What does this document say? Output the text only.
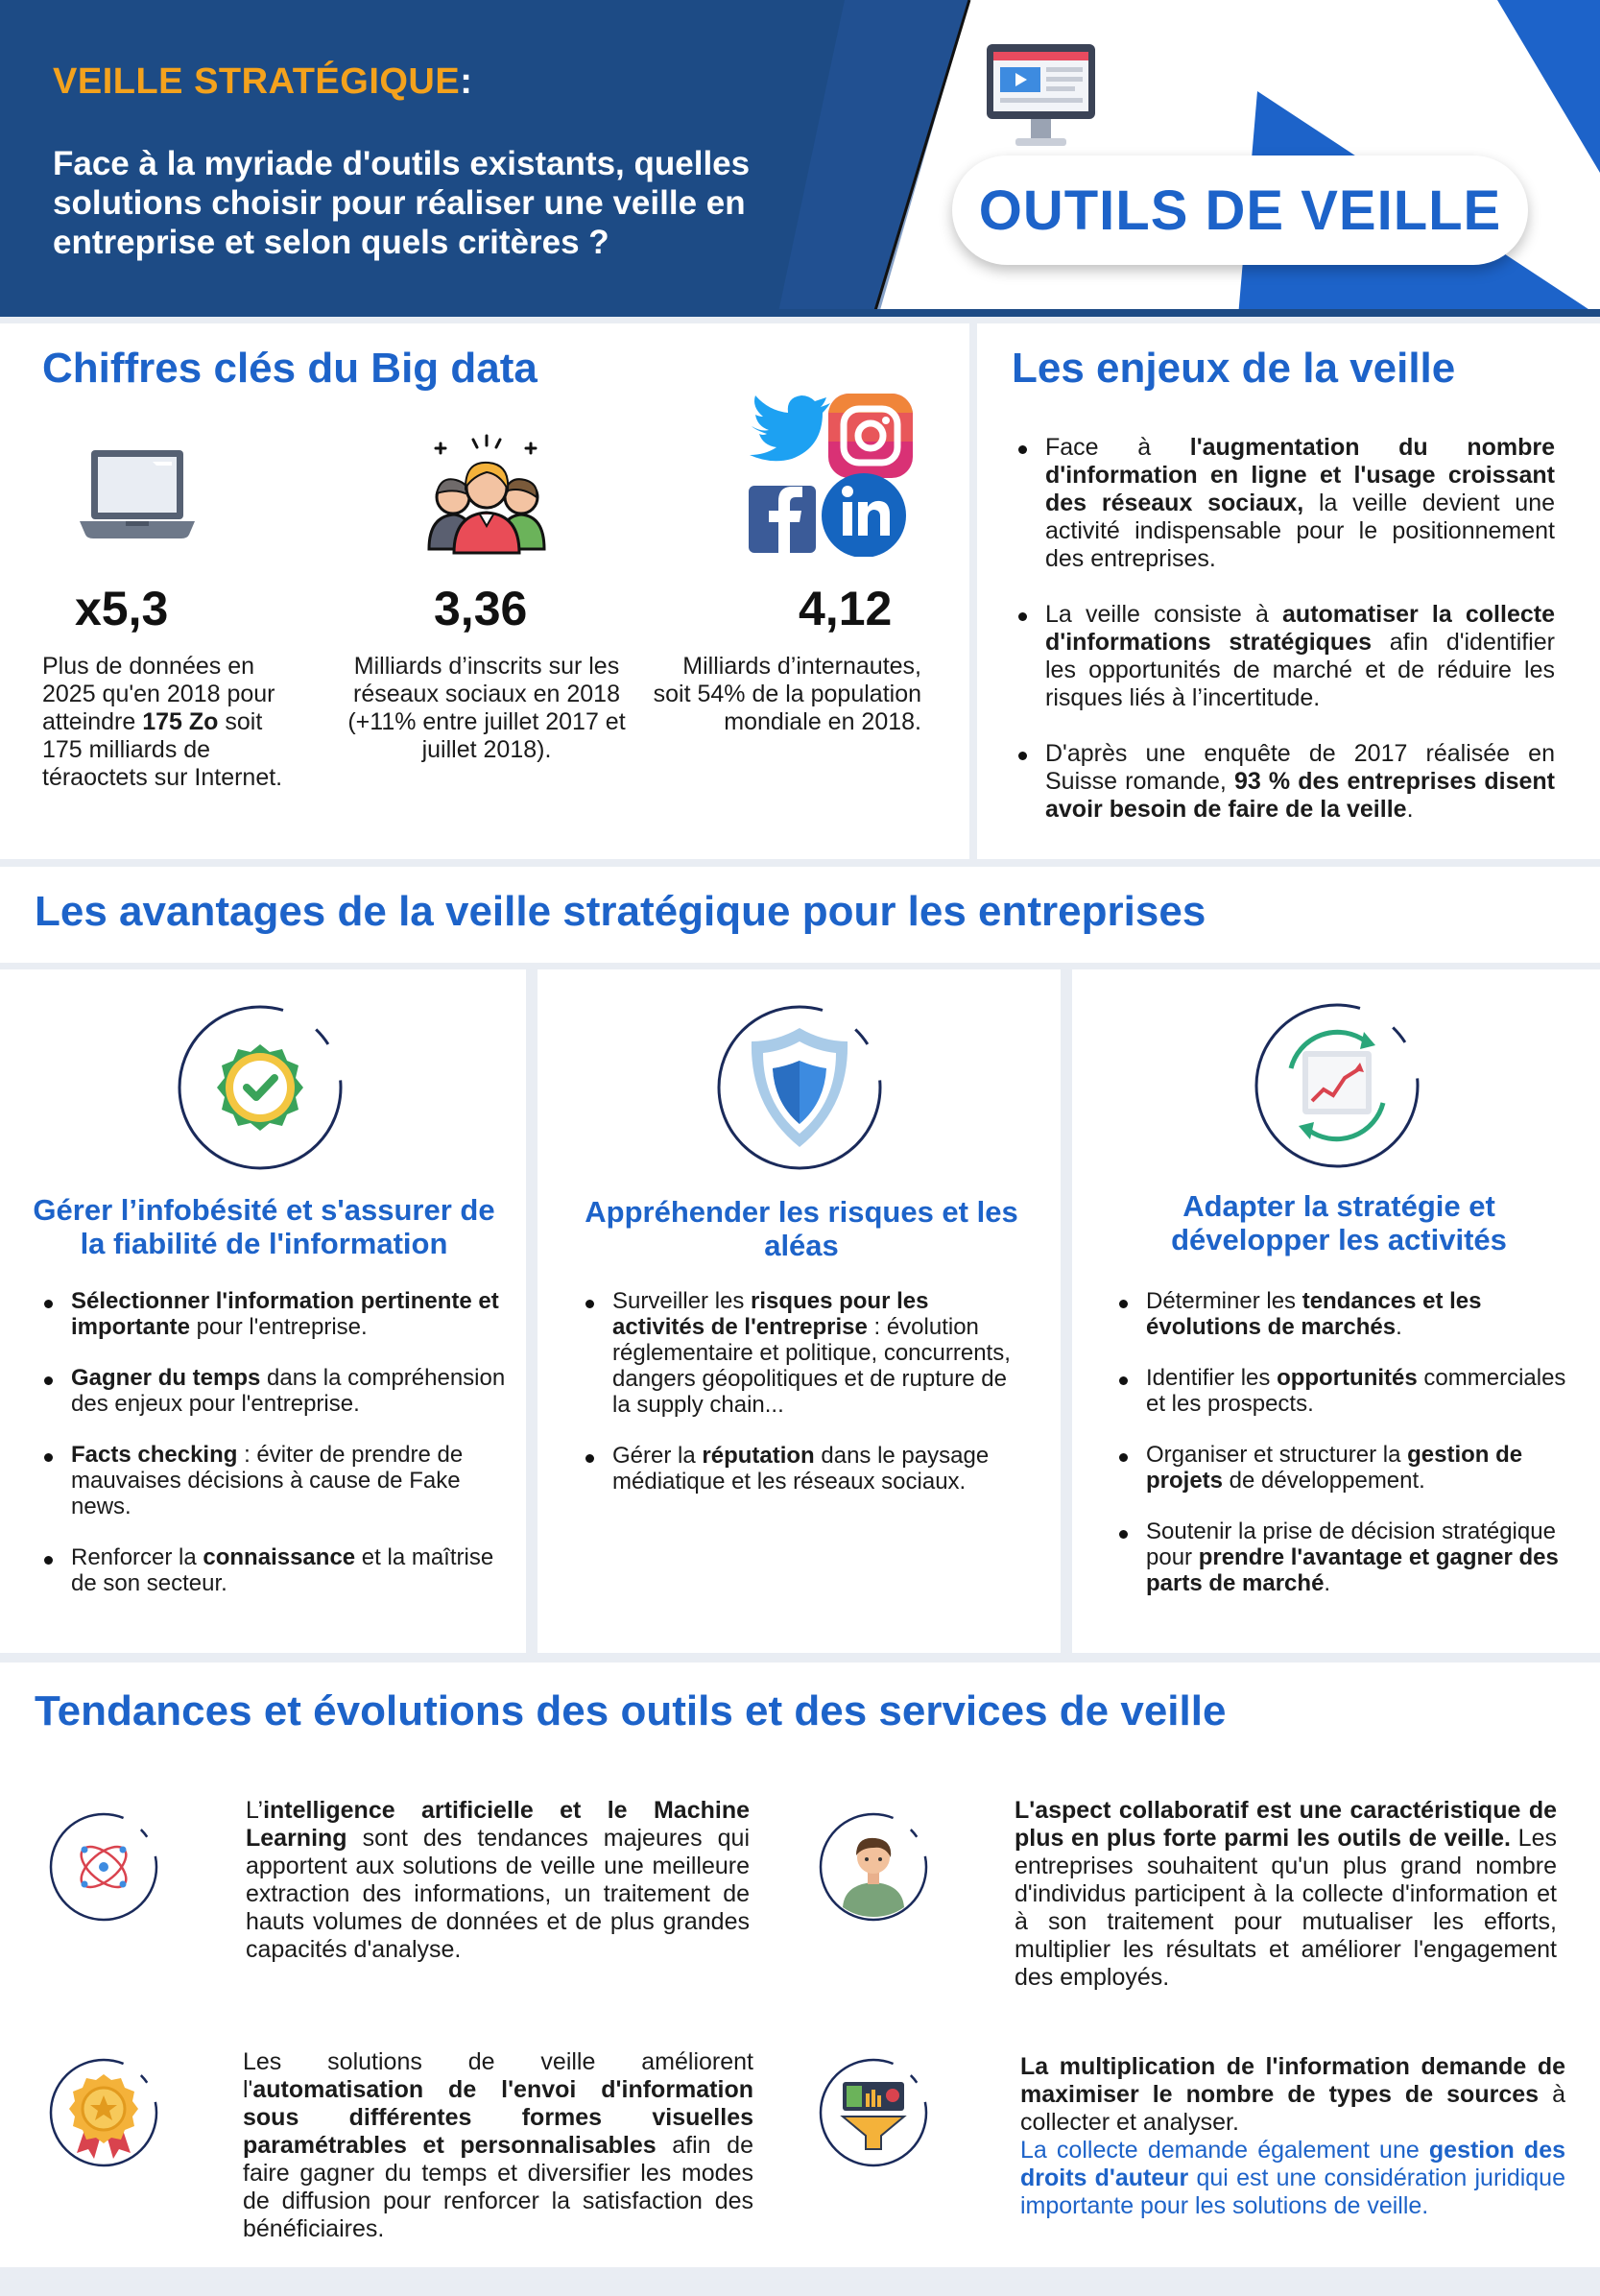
VEILLE STRATÉGIQUE:
Face à la myriade d'outils existants, quelles solutions choisir pour réaliser une veille en entreprise et selon quels critères ?
OUTILS DE VEILLE
Chiffres clés du Big data
x5,3
Plus de données en 2025 qu'en 2018 pour atteindre 175 Zo soit 175 milliards de téraoctets sur Internet.
3,36
Milliards d’inscrits sur les réseaux sociaux en 2018 (+11% entre juillet 2017 et juillet 2018).
4,12
Milliards d’internautes, soit 54% de la population mondiale en 2018.
Les enjeux de la veille
Face à l'augmentation du nombre d'information en ligne et l'usage croissant des réseaux sociaux, la veille devient une activité indispensable pour le positionnement des entreprises.
La veille consiste à automatiser la collecte d'informations stratégiques afin d'identifier les opportunités de marché et de réduire les risques liés à l’incertitude.
D'après une enquête de 2017 réalisée en Suisse romande, 93 % des entreprises disent avoir besoin de faire de la veille.
Les avantages de la veille stratégique pour les entreprises
Gérer l’infobésité et s'assurer de la fiabilité de l'information
Sélectionner l'information pertinente et importante pour l'entreprise.
Gagner du temps dans la compréhension des enjeux pour l'entreprise.
Facts checking : éviter de prendre de mauvaises décisions à cause de Fake news.
Renforcer la connaissance et la maîtrise de son secteur.
Appréhender les risques et les aléas
Surveiller les risques pour les activités de l'entreprise : évolution réglementaire et politique, concurrents, dangers géopolitiques et de rupture de la supply chain...
Gérer la réputation dans le paysage médiatique et les réseaux sociaux.
Adapter la stratégie et développer les activités
Déterminer les tendances et les évolutions de marchés.
Identifier les opportunités commerciales et les prospects.
Organiser et structurer la gestion de projets de développement.
Soutenir la prise de décision stratégique pour prendre l'avantage et gagner des parts de marché.
Tendances et évolutions des outils et des services de veille
L’intelligence artificielle et le Machine Learning sont des tendances majeures qui apportent aux solutions de veille une meilleure extraction des informations, un traitement de hauts volumes de données et de plus grandes capacités d'analyse.
L'aspect collaboratif est une caractéristique de plus en plus forte parmi les outils de veille. Les entreprises souhaitent qu'un plus grand nombre d'individus participent à la collecte d'information et à son traitement pour mutualiser les efforts, multiplier les résultats et améliorer l'engagement des employés.
Les solutions de veille améliorent l'automatisation de l'envoi d'information sous différentes formes visuelles paramétrables et personnalisables afin de faire gagner du temps et diversifier les modes de diffusion pour renforcer la satisfaction des bénéficiaires.
La multiplication de l'information demande de maximiser le nombre de types de sources à collecter et analyser.
La collecte demande également une gestion des droits d'auteur qui est une considération juridique importante pour les solutions de veille.
